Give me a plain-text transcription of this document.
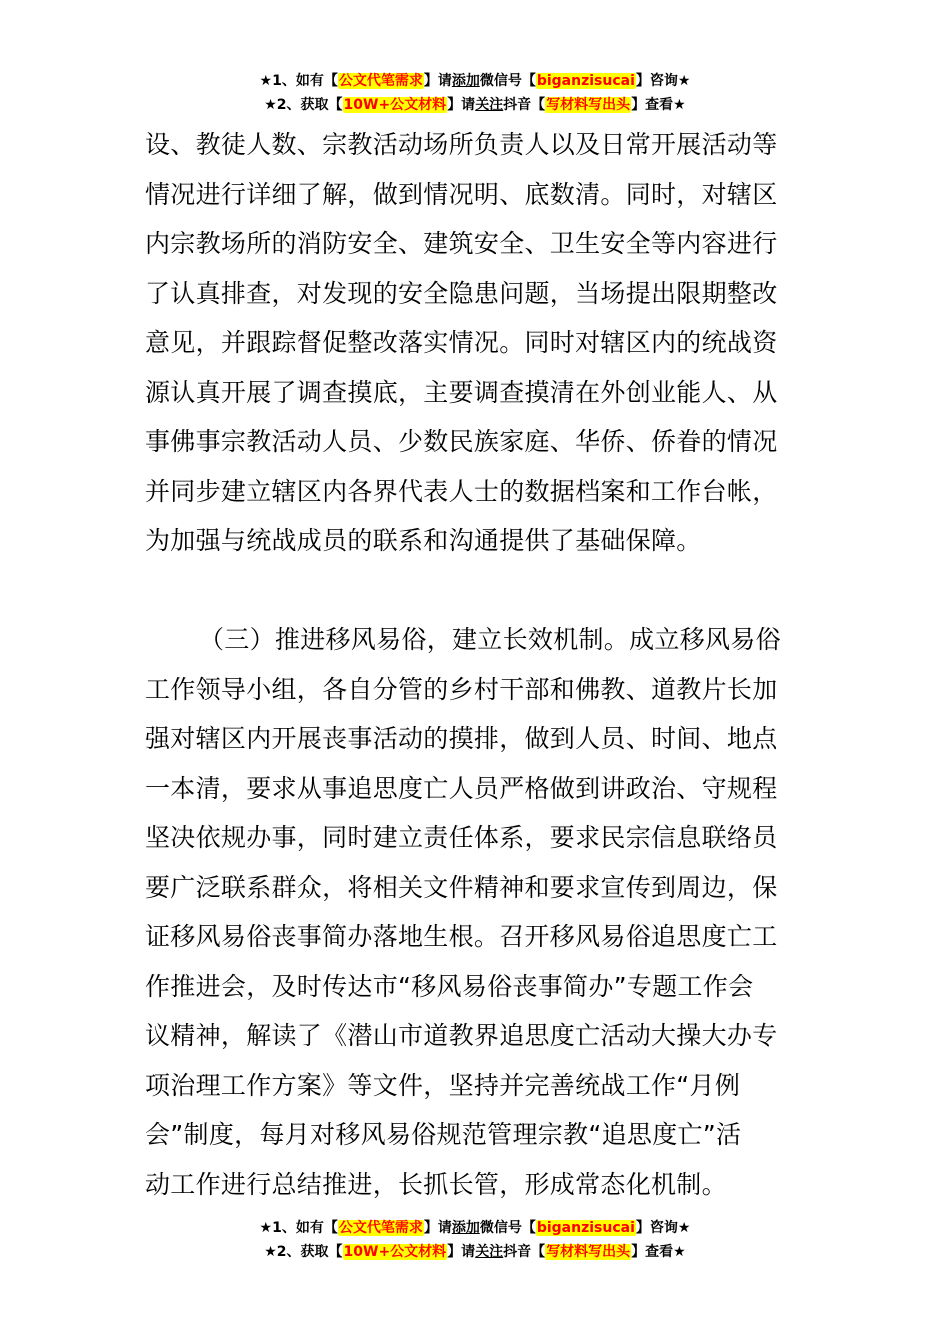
★1、如有【公文代笔需求】请添加微信号【biganzisucai】咨询★
★2、获取【10W+公文材料】请关注抖音【写材料写出头】查看★
设、教徒人数、宗教活动场所负责人以及日常开展活动等
情况进行详细了解，做到情况明、底数清。同时，对辖区
内宗教场所的消防安全、建筑安全、卫生安全等内容进行
了认真排查，对发现的安全隐患问题，当场提出限期整改
意见，并跟踪督促整改落实情况。同时对辖区内的统战资
源认真开展了调查摸底，主要调查摸清在外创业能人、从
事佛事宗教活动人员、少数民族家庭、华侨、侨眷的情况
并同步建立辖区内各界代表人士的数据档案和工作台帐，
为加强与统战成员的联系和沟通提供了基础保障。
（三）推进移风易俗，建立长效机制。成立移风易俗
工作领导小组，各自分管的乡村干部和佛教、道教片长加
强对辖区内开展丧事活动的摸排，做到人员、时间、地点
一本清，要求从事追思度亡人员严格做到讲政治、守规程
坚决依规办事，同时建立责任体系，要求民宗信息联络员
要广泛联系群众，将相关文件精神和要求宣传到周边，保
证移风易俗丧事简办落地生根。召开移风易俗追思度亡工
作推进会，及时传达市“移风易俗丧事简办”专题工作会
议精神，解读了《潜山市道教界追思度亡活动大操大办专
项治理工作方案》等文件，坚持并完善统战工作“月例
会”制度，每月对移风易俗规范管理宗教“追思度亡”活
动工作进行总结推进，长抓长管，形成常态化机制。
★1、如有【公文代笔需求】请添加微信号【biganzisucai】咨询★
★2、获取【10W+公文材料】请关注抖音【写材料写出头】查看★
